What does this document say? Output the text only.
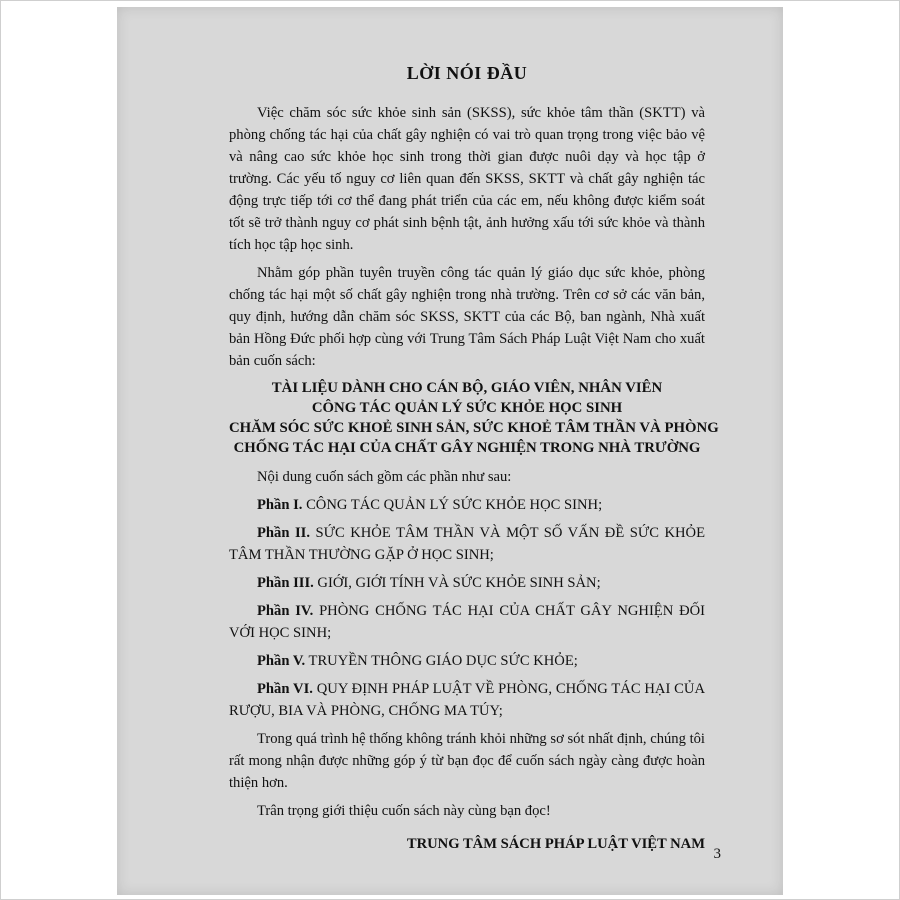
LỜI NÓI ĐẦU

Việc chăm sóc sức khỏe sinh sản (SKSS), sức khỏe tâm thần (SKTT) và phòng chống tác hại của chất gây nghiện có vai trò quan trọng trong việc bảo vệ và nâng cao sức khỏe học sinh trong thời gian được nuôi dạy và học tập ở trường. Các yếu tố nguy cơ liên quan đến SKSS, SKTT và chất gây nghiện tác động trực tiếp tới cơ thể đang phát triển của các em, nếu không được kiểm soát tốt sẽ trở thành nguy cơ phát sinh bệnh tật, ảnh hưởng xấu tới sức khỏe và thành tích học tập học sinh.

Nhằm góp phần tuyên truyền công tác quản lý giáo dục sức khỏe, phòng chống tác hại một số chất gây nghiện trong nhà trường. Trên cơ sở các văn bản, quy định, hướng dẫn chăm sóc SKSS, SKTT của các Bộ, ban ngành, Nhà xuất bản Hồng Đức phối hợp cùng với Trung Tâm Sách Pháp Luật Việt Nam cho xuất bản cuốn sách:

TÀI LIỆU DÀNH CHO CÁN BỘ, GIÁO VIÊN, NHÂN VIÊN
CÔNG TÁC QUẢN LÝ SỨC KHỎE HỌC SINH
CHĂM SÓC SỨC KHOẺ SINH SẢN, SỨC KHOẺ TÂM THẦN VÀ PHÒNG
CHỐNG TÁC HẠI CỦA CHẤT GÂY NGHIỆN TRONG NHÀ TRƯỜNG

Nội dung cuốn sách gồm các phần như sau:

Phần I. CÔNG TÁC QUẢN LÝ SỨC KHỎE HỌC SINH;

Phần II. SỨC KHỎE TÂM THẦN VÀ MỘT SỐ VẤN ĐỀ SỨC KHỎE TÂM THẦN THƯỜNG GẶP Ở HỌC SINH;

Phần III. GIỚI, GIỚI TÍNH VÀ SỨC KHỎE SINH SẢN;

Phần IV. PHÒNG CHỐNG TÁC HẠI CỦA CHẤT GÂY NGHIỆN ĐỐI VỚI HỌC SINH;

Phần V. TRUYỀN THÔNG GIÁO DỤC SỨC KHỎE;

Phần VI. QUY ĐỊNH PHÁP LUẬT VỀ PHÒNG, CHỐNG TÁC HẠI CỦA RƯỢU, BIA VÀ PHÒNG, CHỐNG MA TÚY;

Trong quá trình hệ thống không tránh khỏi những sơ sót nhất định, chúng tôi rất mong nhận được những góp ý từ bạn đọc để cuốn sách ngày càng được hoàn thiện hơn.

Trân trọng giới thiệu cuốn sách này cùng bạn đọc!

TRUNG TÂM SÁCH PHÁP LUẬT VIỆT NAM
3
